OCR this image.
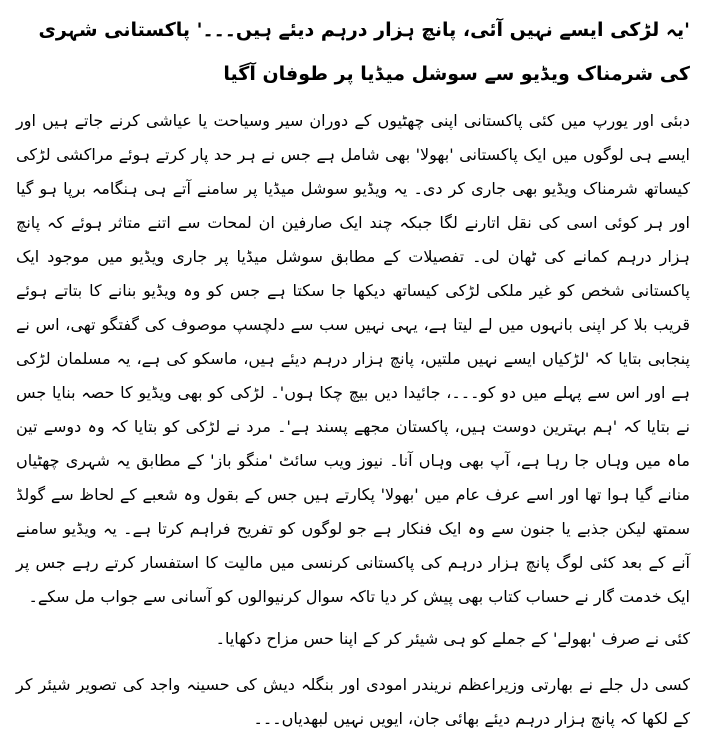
'یہ لڑکی ایسے نہیں آئی، پانچ ہزار درہم دیئے ہیں۔۔۔' پاکستانی شہری کی شرمناک ویڈیو سے سوشل میڈیا پر طوفان آگیا

دبئی اور یورپ میں کئی پاکستانی اپنی چھٹیوں کے دوران سیر وسیاحت یا عیاشی کرنے جاتے ہیں اور ایسے ہی لوگوں میں ایک پاکستانی 'بھولا' بھی شامل ہے جس نے ہر حد پار کرتے ہوئے مراکشی لڑکی کیساتھ شرمناک ویڈیو بھی جاری کر دی۔ یہ ویڈیو سوشل میڈیا پر سامنے آتے ہی ہنگامہ برپا ہو گیا اور ہر کوئی اسی کی نقل اتارنے لگا جبکہ چند ایک صارفین ان لمحات سے اتنے متاثر ہوئے کہ پانچ ہزار درہم کمانے کی ٹھان لی۔ تفصیلات کے مطابق سوشل میڈیا پر جاری ویڈیو میں موجود ایک پاکستانی شخص کو غیر ملکی لڑکی کیساتھ دیکھا جا سکتا ہے جس کو وہ ویڈیو بنانے کا بتاتے ہوئے قریب بلا کر اپنی بانہوں میں لے لیتا ہے، یہی نہیں سب سے دلچسپ موصوف کی گفتگو تھی، اس نے پنجابی بتایا کہ 'لڑکیاں ایسے نہیں ملتیں، پانچ ہزار درہم دیئے ہیں، ماسکو کی ہے، یہ مسلمان لڑکی ہے اور اس سے پہلے میں دو کو۔۔۔، جائیدا دیں بیچ چکا ہوں'۔ لڑکی کو بھی ویڈیو کا حصہ بنایا جس نے بتایا کہ 'ہم بہترین دوست ہیں، پاکستان مجھے پسند ہے'۔ مرد نے لڑکی کو بتایا کہ وہ دوسے تین ماہ میں وہاں جا رہا ہے، آپ بھی وہاں آنا۔ نیوز ویب سائٹ 'منگو باز' کے مطابق یہ شہری چھٹیاں منانے گیا ہوا تھا اور اسے عرف عام میں 'بھولا' پکارتے ہیں جس کے بقول وہ شعبے کے لحاظ سے گولڈ سمتھ لیکن جذبے یا جنون سے وہ ایک فنکار ہے جو لوگوں کو تفریح فراہم کرتا ہے۔ یہ ویڈیو سامنے آنے کے بعد کئی لوگ پانچ ہزار درہم کی پاکستانی کرنسی میں مالیت کا استفسار کرتے رہے جس پر ایک خدمت گار نے حساب کتاب بھی پیش کر دیا تاکہ سوال کرنیوالوں کو آسانی سے جواب مل سکے۔

کئی نے صرف 'بھولے' کے جملے کو ہی شیئر کر کے اپنا حس مزاح دکھایا۔

کسی دل جلے نے بھارتی وزیراعظم نریندر امودی اور بنگلہ دیش کی حسینہ واجد کی تصویر شیئر کر کے لکھا کہ پانچ ہزار درہم دیئے بھائی جان، ایویں نہیں لبھدیاں۔۔۔
